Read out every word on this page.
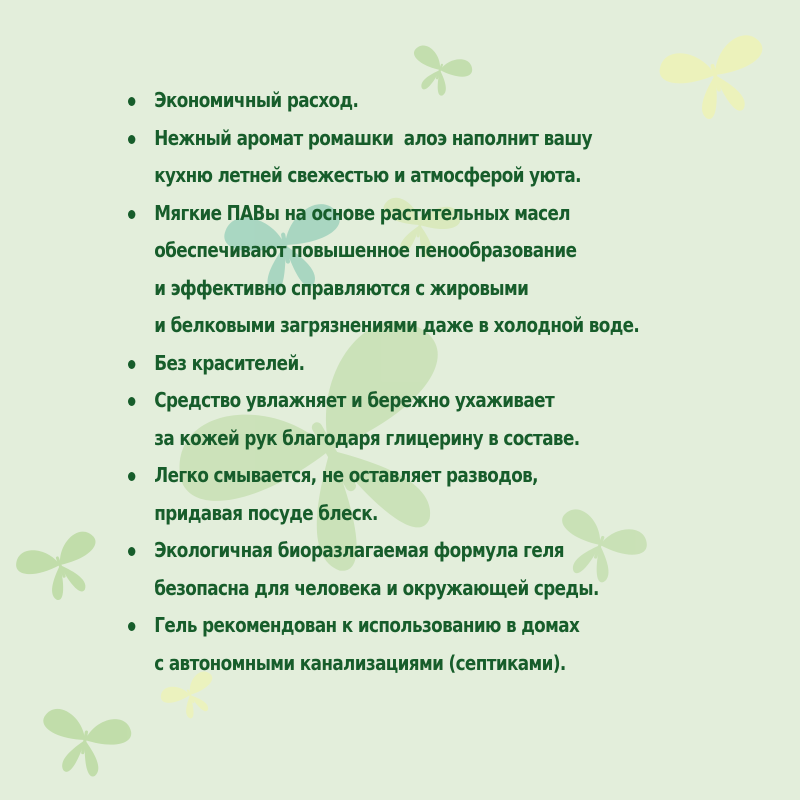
Экономичный расход.
Нежный аромат ромашки  алоэ наполнит вашу
кухню летней свежестью и атмосферой уюта.
Мягкие ПАВы на основе растительных масел
обеспечивают повышенное пенообразование
и эффективно справляются с жировыми
и белковыми загрязнениями даже в холодной воде.
Без красителей.
Средство увлажняет и бережно ухаживает
за кожей рук благодаря глицерину в составе.
Легко смывается, не оставляет разводов,
придавая посуде блеск.
Экологичная биоразлагаемая формула геля
безопасна для человека и окружающей среды.
Гель рекомендован к использованию в домах
с автономными канализациями (септиками).
